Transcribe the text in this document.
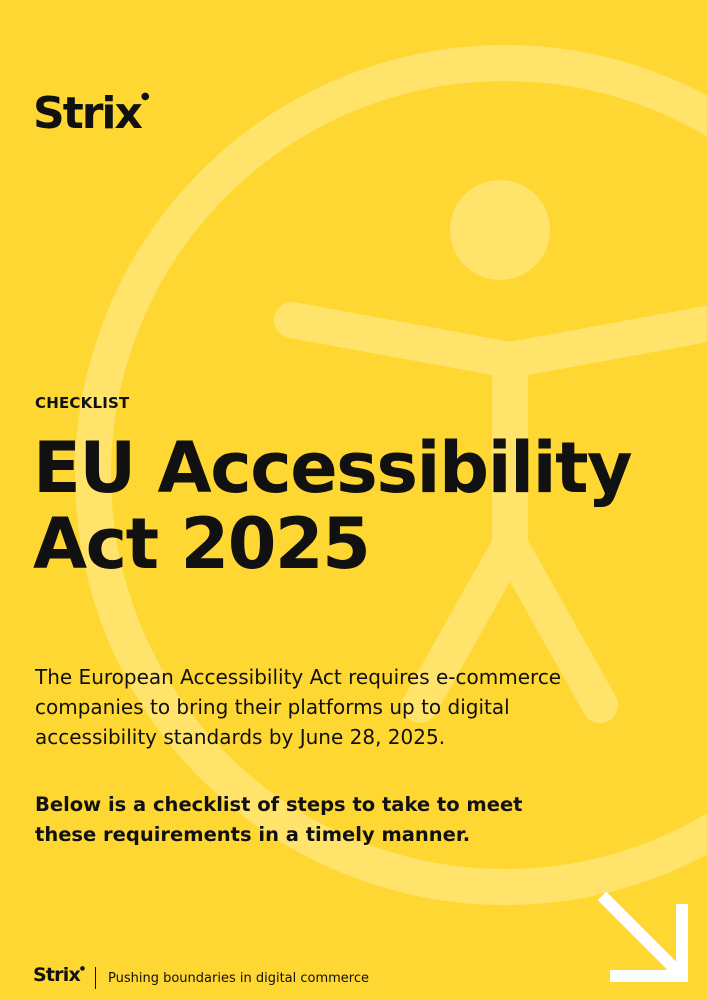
Strix●

CHECKLIST

EU Accessibility
Act 2025

The European Accessibility Act requires e-commerce companies to bring their platforms up to digital accessibility standards by June 28, 2025.

Below is a checklist of steps to take to meet
these requirements in a timely manner.

Strix●
Pushing boundaries in digital commerce
